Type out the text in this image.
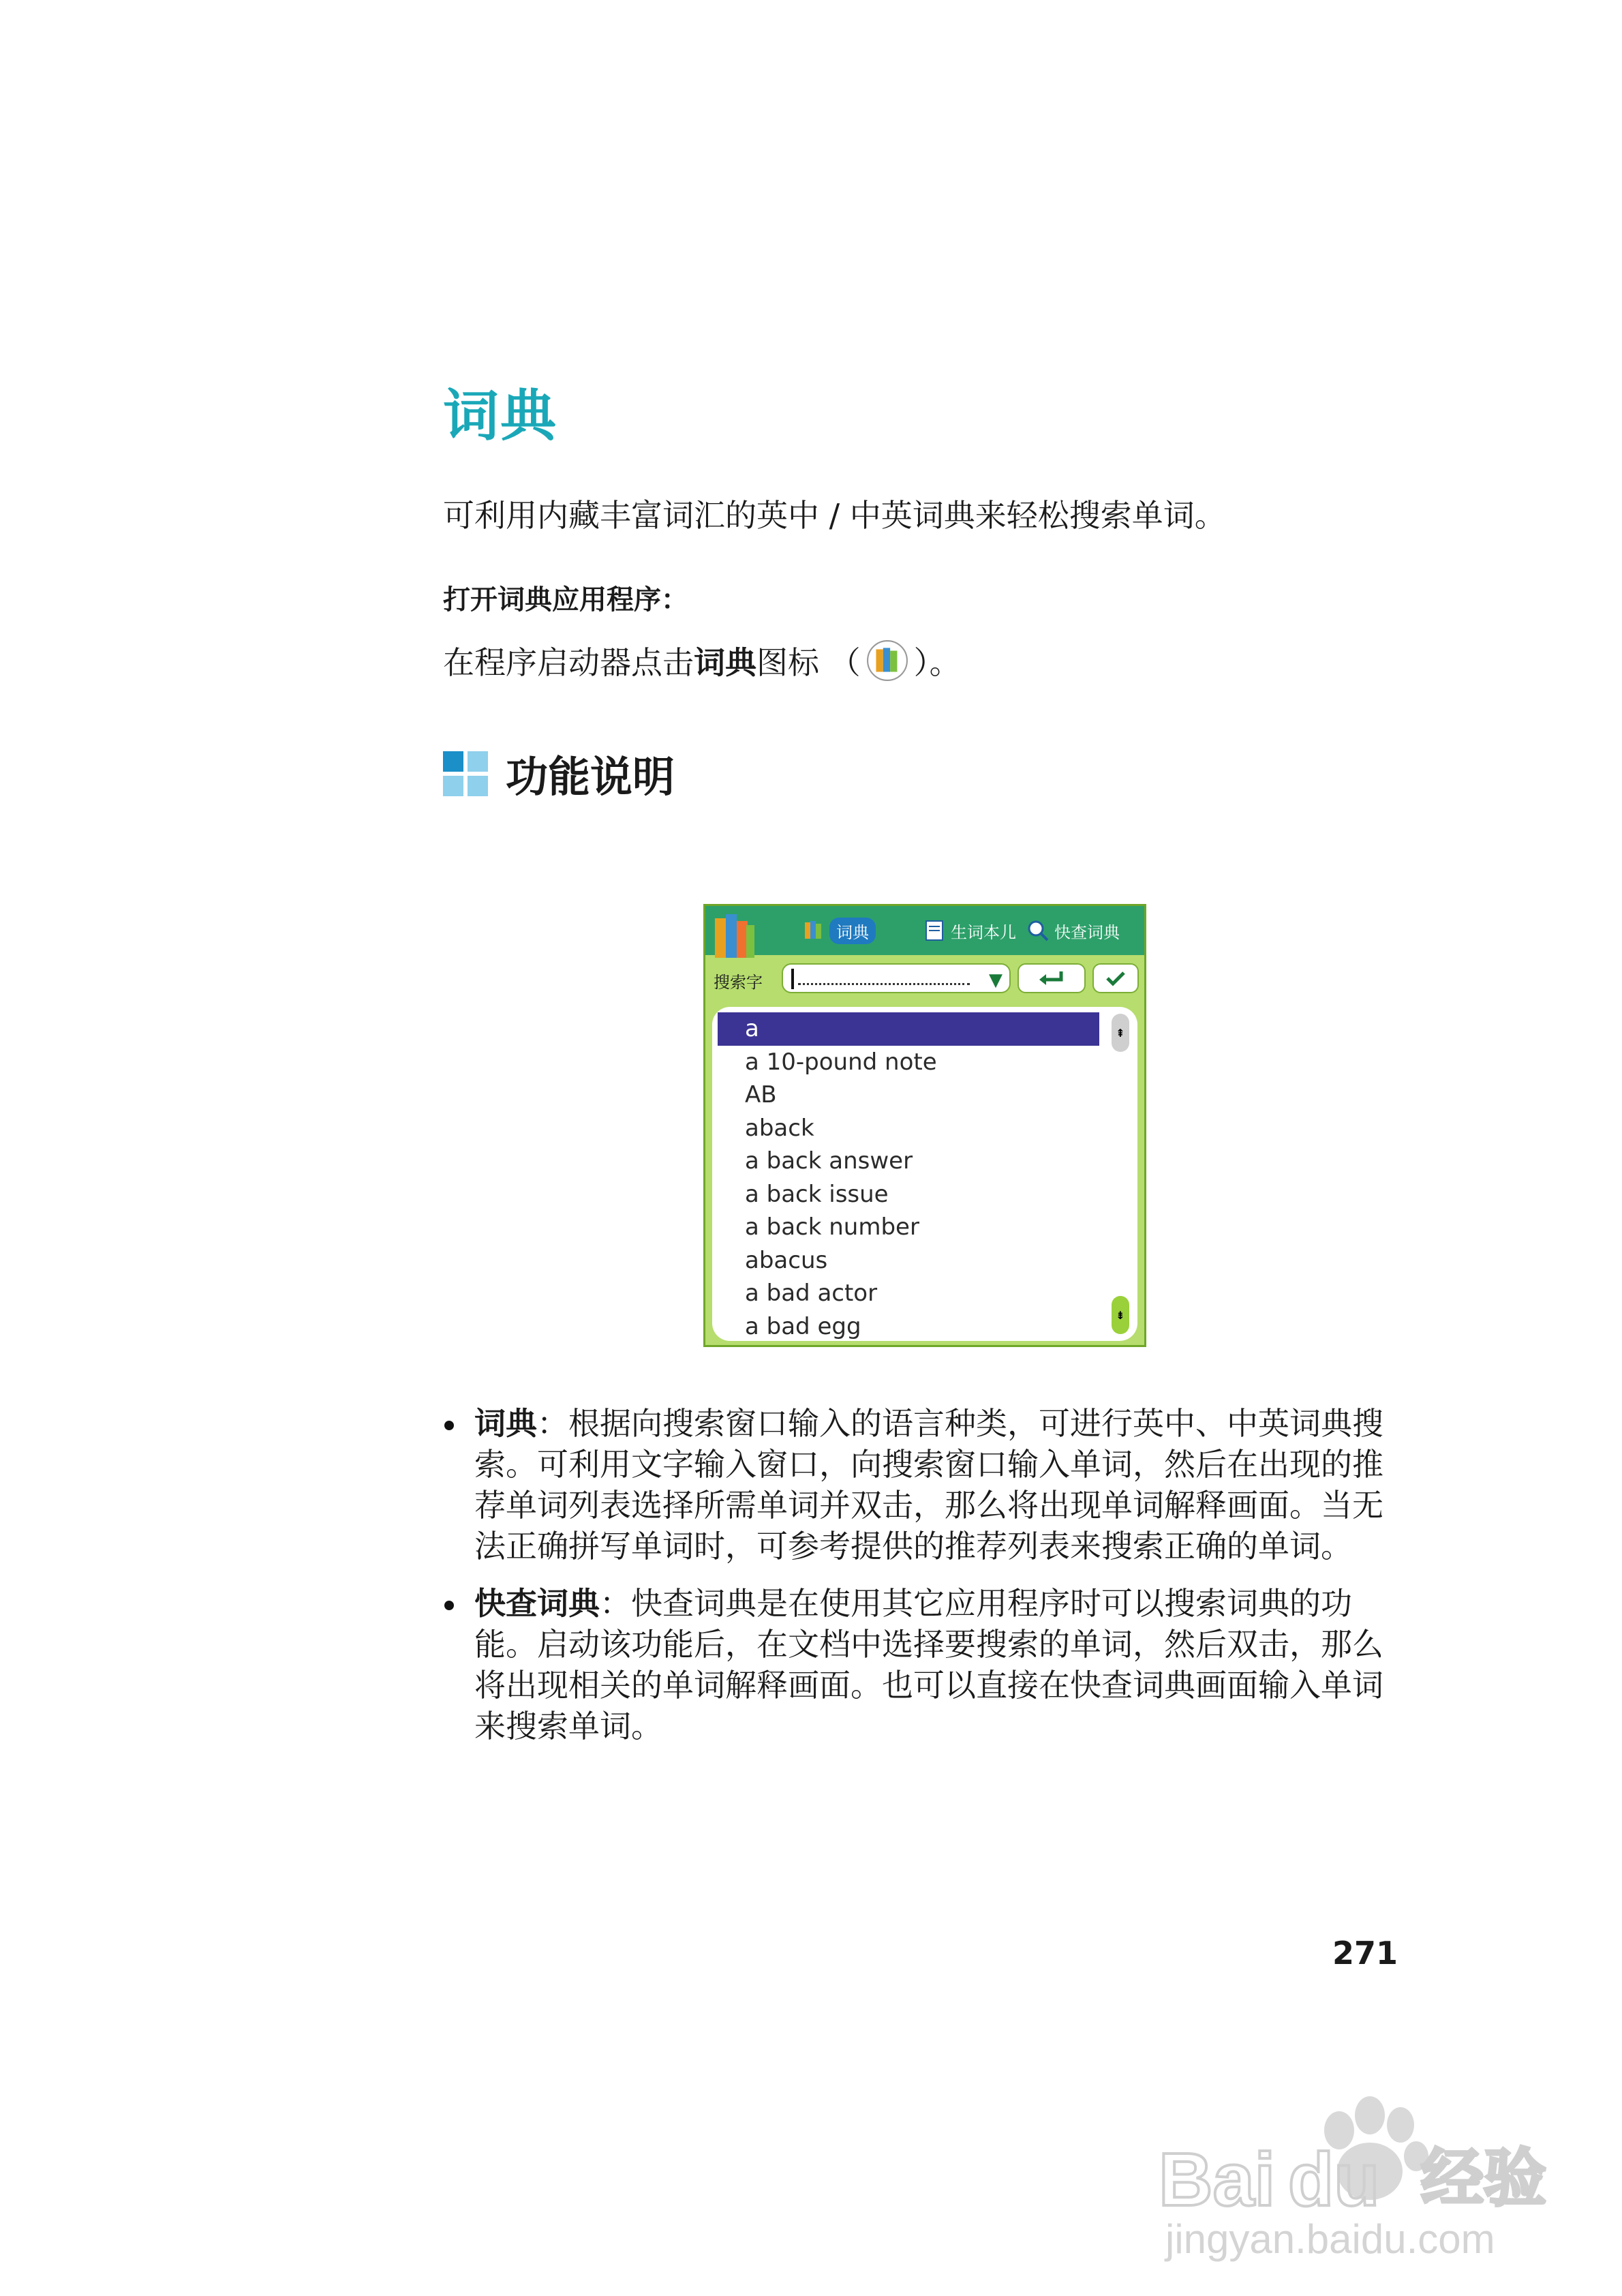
词典
可利用内藏丰富词汇的英中 / 中英词典来轻松搜索单词。
打开词典应用程序：
在程序启动器点击 词典 图标 （ ）。
功能说明
词典	生词本儿 快查词典
搜索字	▼
a
a 10-pound note
AB
aback
a back answer
a back issue
a back number
abacus
a bad actor
a bad egg
⇞
⇟
词典：根据向搜索窗口输入的语言种类，可进行英中、中英词典搜索。可利用文字输入窗口，向搜索窗口输入单词，然后在出现的推荐单词列表选择所需单词并双击，那么将出现单词解释画面。当无法正确拼写单词时，可参考提供的推荐列表来搜索正确的单词。
快查词典：快查词典是在使用其它应用程序时可以搜索词典的功能。启动该功能后，在文档中选择要搜索的单词，然后双击，那么将出现相关的单词解释画面。也可以直接在快查词典画面输入单词来搜索单词。
271
Bai du 经验
jingyan.baidu.com
